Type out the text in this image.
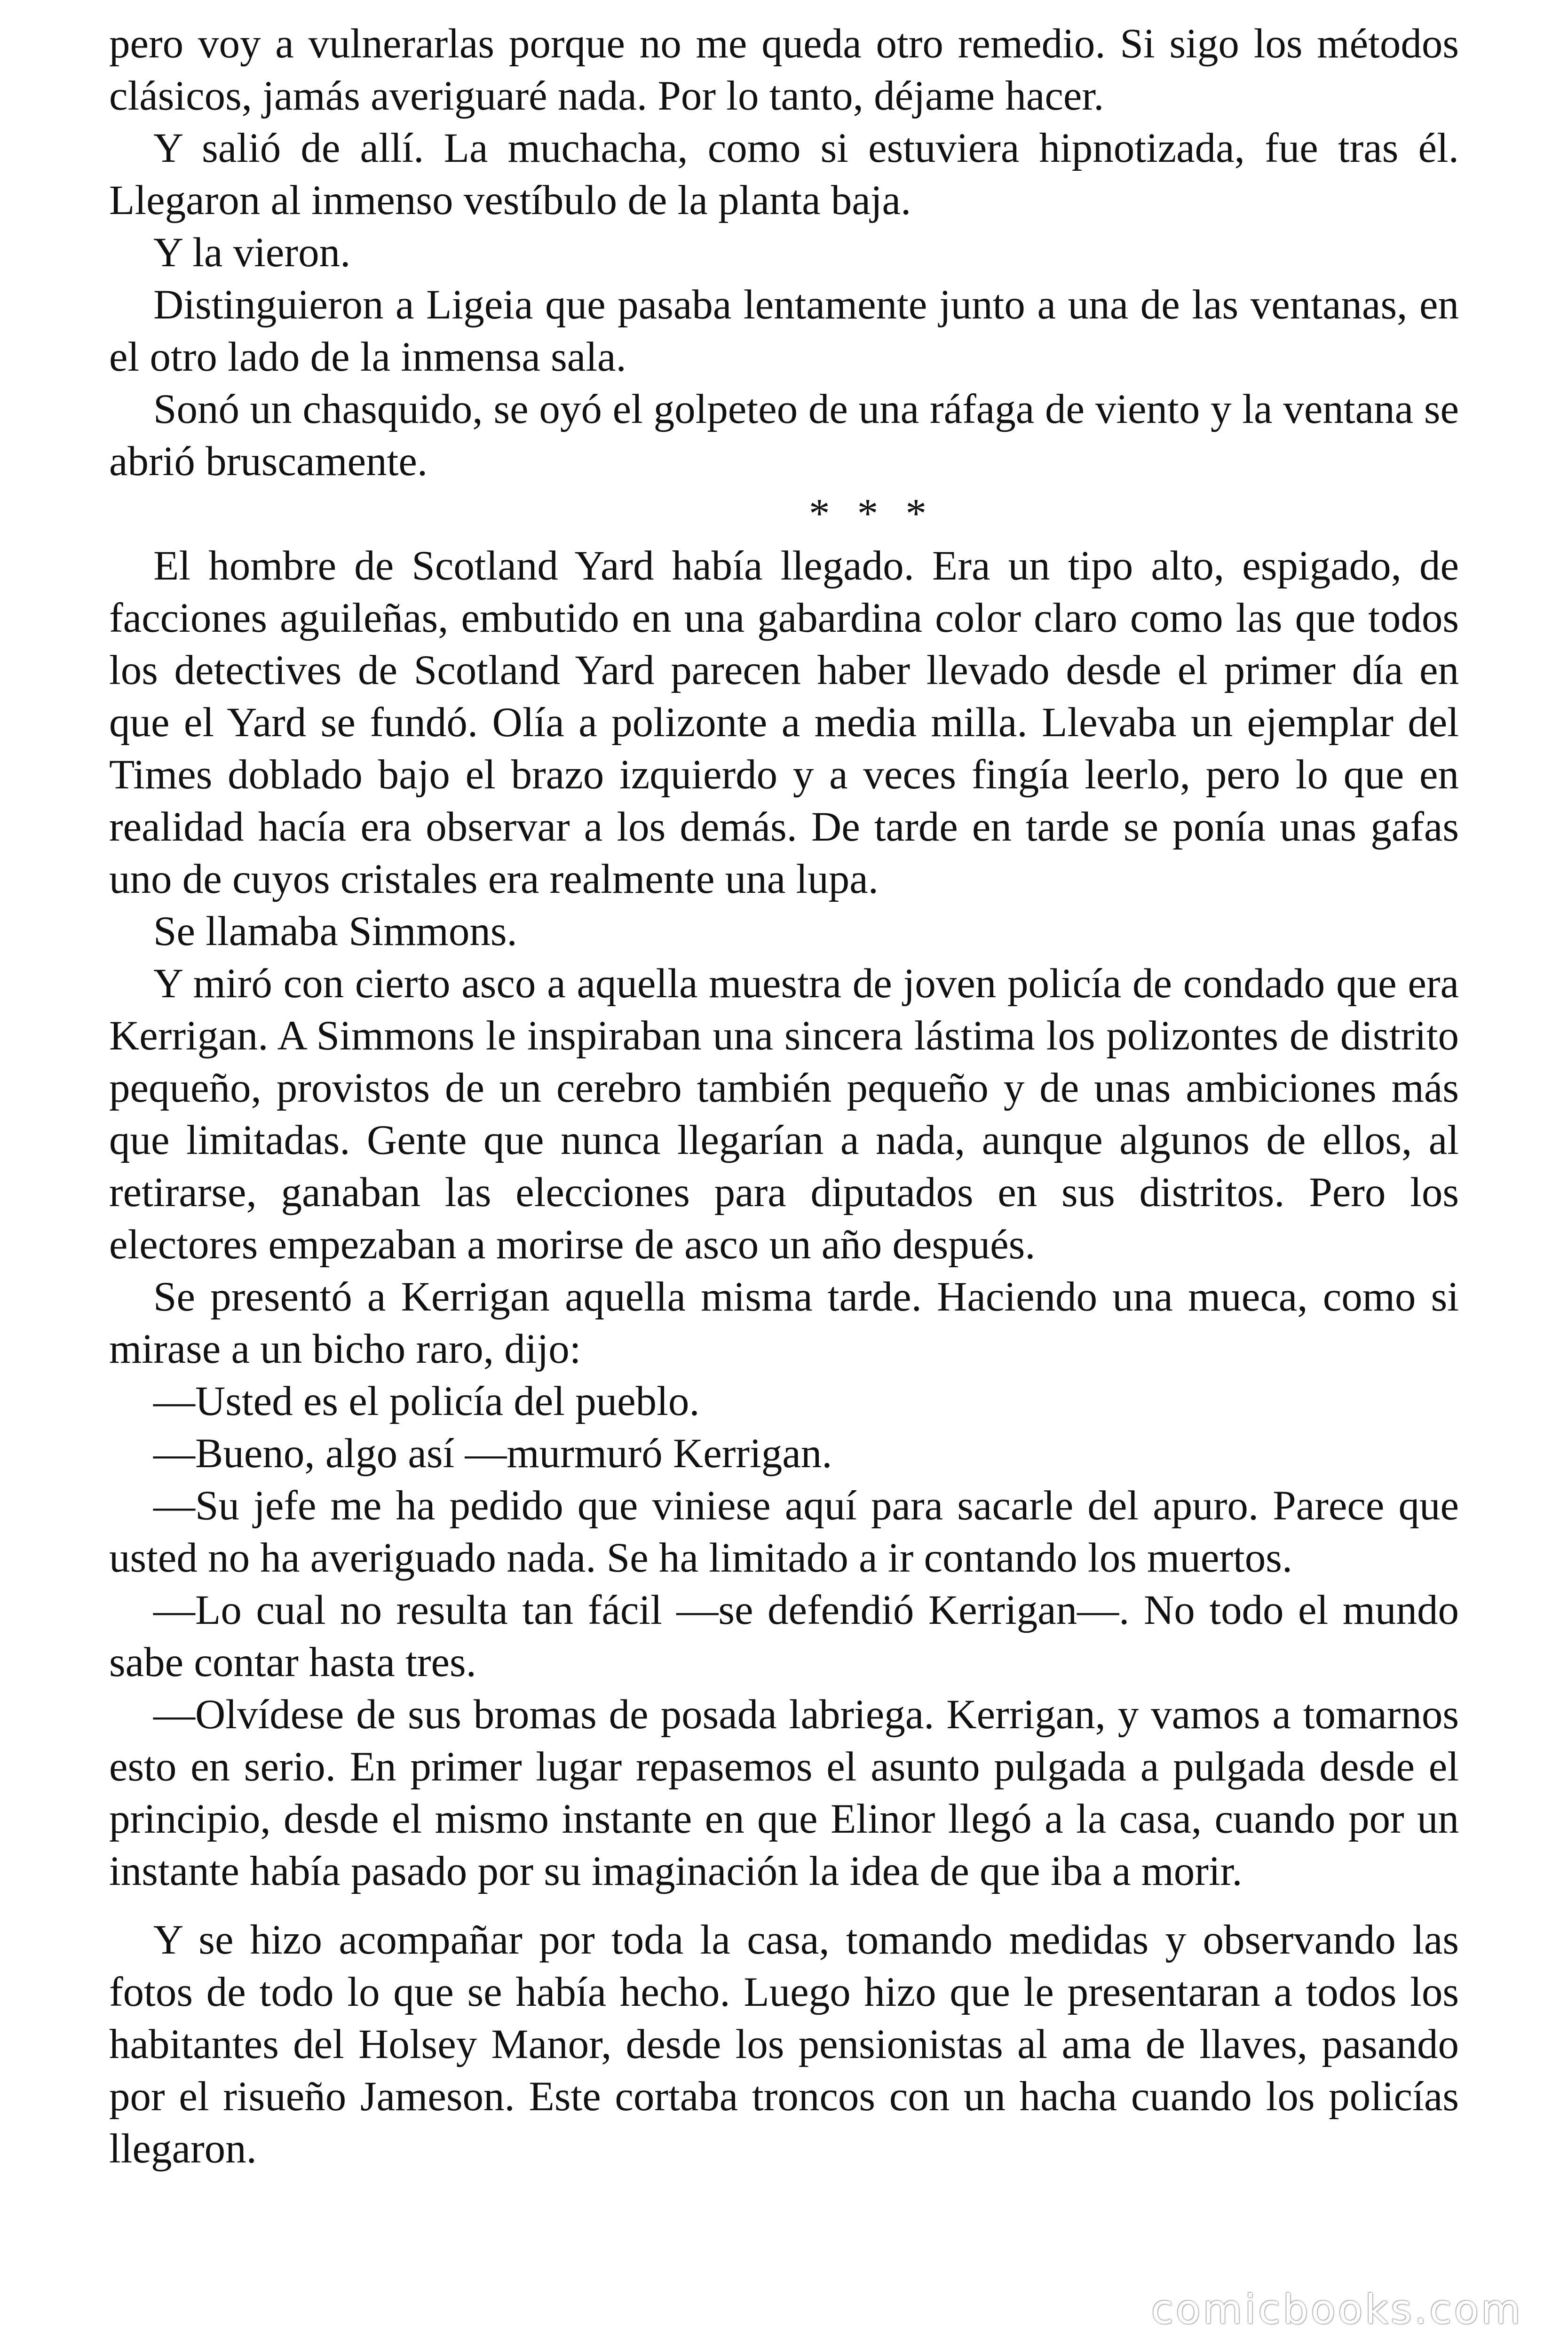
pero voy a vulnerarlas porque no me queda otro remedio. Si sigo los métodos clásicos, jamás averiguaré nada. Por lo tanto, déjame hacer.

Y salió de allí. La muchacha, como si estuviera hipnotizada, fue tras él. Llegaron al inmenso vestíbulo de la planta baja.

Y la vieron.

Distinguieron a Ligeia que pasaba lentamente junto a una de las ventanas, en el otro lado de la inmensa sala.

Sonó un chasquido, se oyó el golpeteo de una ráfaga de viento y la ventana se abrió bruscamente.

* * *

El hombre de Scotland Yard había llegado. Era un tipo alto, espigado, de facciones aguileñas, embutido en una gabardina color claro como las que todos los detectives de Scotland Yard parecen haber llevado desde el primer día en que el Yard se fundó. Olía a polizonte a media milla. Llevaba un ejemplar del Times doblado bajo el brazo izquierdo y a veces fingía leerlo, pero lo que en realidad hacía era observar a los demás. De tarde en tarde se ponía unas gafas uno de cuyos cristales era realmente una lupa.

Se llamaba Simmons.

Y miró con cierto asco a aquella muestra de joven policía de condado que era Kerrigan. A Simmons le inspiraban una sincera lástima los polizontes de distrito pequeño, provistos de un cerebro también pequeño y de unas ambiciones más que limitadas. Gente que nunca llegarían a nada, aunque algunos de ellos, al retirarse, ganaban las elecciones para diputados en sus distritos. Pero los electores empezaban a morirse de asco un año después.

Se presentó a Kerrigan aquella misma tarde. Haciendo una mueca, como si mirase a un bicho raro, dijo:

—Usted es el policía del pueblo.

—Bueno, algo así —murmuró Kerrigan.

—Su jefe me ha pedido que viniese aquí para sacarle del apuro. Parece que usted no ha averiguado nada. Se ha limitado a ir contando los muertos.

—Lo cual no resulta tan fácil —se defendió Kerrigan—. No todo el mundo sabe contar hasta tres.

—Olvídese de sus bromas de posada labriega. Kerrigan, y vamos a tomarnos esto en serio. En primer lugar repasemos el asunto pulgada a pulgada desde el principio, desde el mismo instante en que Elinor llegó a la casa, cuando por un instante había pasado por su imaginación la idea de que iba a morir.

Y se hizo acompañar por toda la casa, tomando medidas y observando las fotos de todo lo que se había hecho. Luego hizo que le presentaran a todos los habitantes del Holsey Manor, desde los pensionistas al ama de llaves, pasando por el risueño Jameson. Este cortaba troncos con un hacha cuando los policías llegaron.

comicbooks.com
